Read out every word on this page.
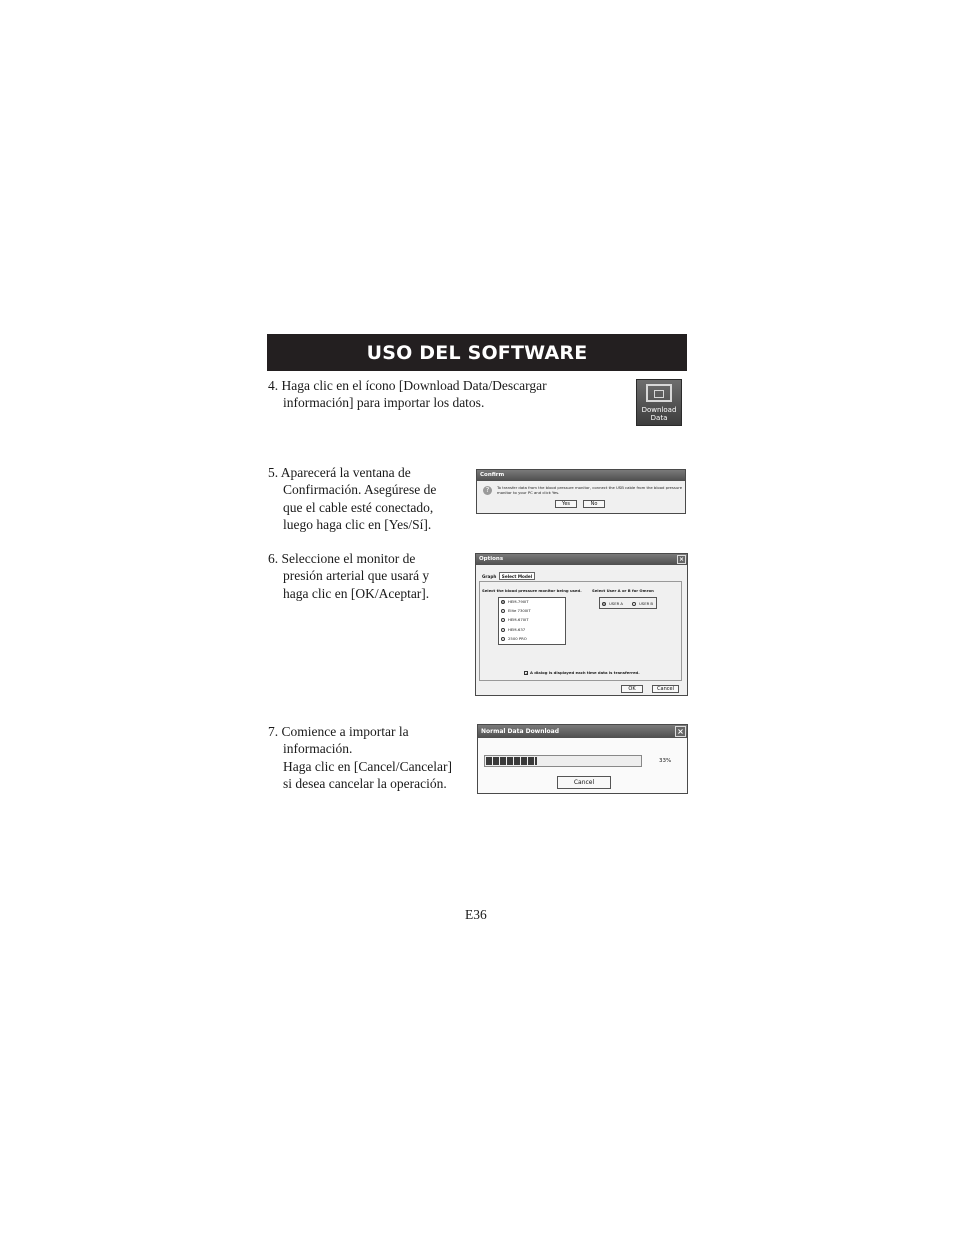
USO DEL SOFTWARE
4. Haga clic en el ícono [Download Data/Descargar
información] para importar los datos.	Download
Data
5. Aparecerá la ventana de
Confirmación. Asegúrese de
que el cable esté conectado,
luego haga clic en [Yes/Sí].
Confirm
?	To transfer data from the blood pressure monitor, connect the USB cable from the blood pressure monitor to your PC and click Yes.
Yes	No
6. Seleccione el monitor de
presión arterial que usará y
haga clic en [OK/Aceptar].
Options	×
Graph	Select Model
Select the blood pressure monitor being used.	Select User A or B for Omron
HEM-790IT
Elite 7300IT
HEM-670IT
HEM-637
2500 PRO
USER A	USER B
✓ A dialog is displayed each time data is transferred.
OK	Cancel
7. Comience a importar la
información.
Haga clic en [Cancel/Cancelar]
si desea cancelar la operación.
Normal Data Download	×
33%
Cancel
E36
